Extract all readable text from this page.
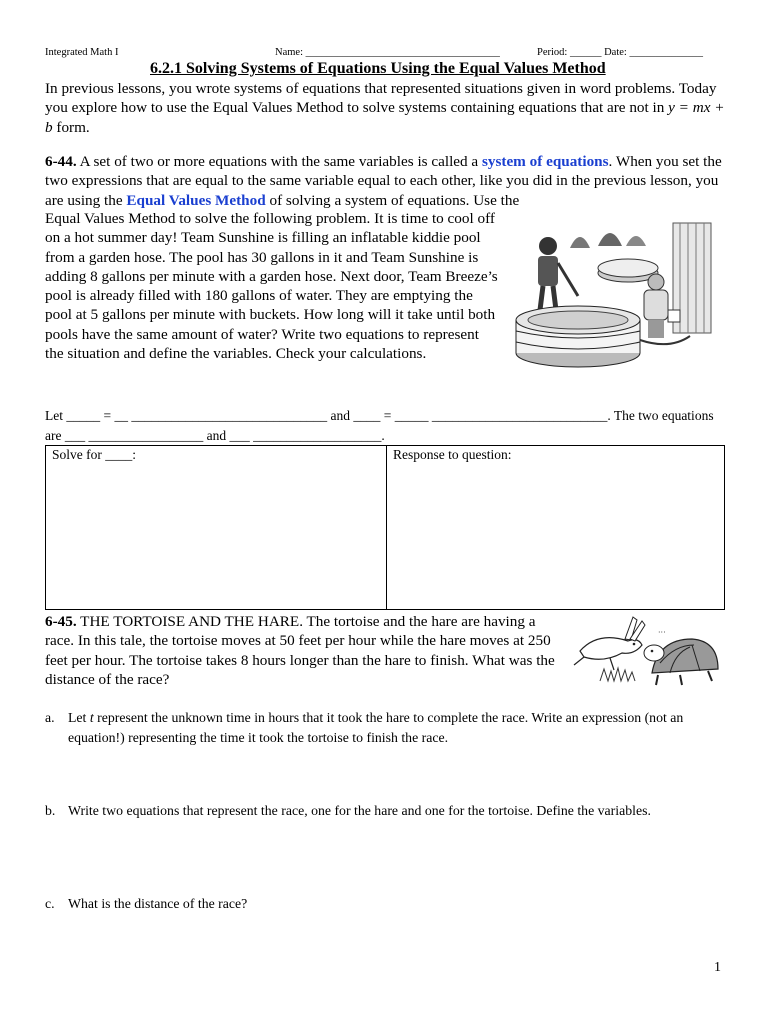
Integrated Math I	Name: _____________________________________	Period: ______ Date: ______________
6.2.1 Solving Systems of Equations Using the Equal Values Method
In previous lessons, you wrote systems of equations that represented situations given in word problems. Today you explore how to use the Equal Values Method to solve systems containing equations that are not in y = mx + b form.
6-44. A set of two or more equations with the same variables is called a system of equations. When you set the two expressions that are equal to the same variable equal to each other, like you did in the previous lesson, you are using the Equal Values Method of solving a system of equations. Use the
Equal Values Method to solve the following problem. It is time to cool off on a hot summer day! Team Sunshine is filling an inflatable kiddie pool from a garden hose. The pool has 30 gallons in it and Team Sunshine is adding 8 gallons per minute with a garden hose. Next door, Team Breeze’s pool is already filled with 180 gallons of water. They are emptying the pool at 5 gallons per minute with buckets. How long will it take until both pools have the same amount of water? Write two equations to represent the situation and define the variables. Check your calculations.
Let _____ = __ _____________________________ and ____ = _____ __________________________. The two equations are ___ _________________ and ___ ___________________.
Solve for ____:	Response to question:
6-45. THE TORTOISE AND THE HARE. The tortoise and the hare are having a race. In this tale, the tortoise moves at 50 feet per hour while the hare moves at 250 feet per hour. The tortoise takes 8 hours longer than the hare to finish. What was the distance of the race?
···
a. Let t represent the unknown time in hours that it took the hare to complete the race. Write an expression (not an equation!) representing the time it took the tortoise to finish the race.
b. Write two equations that represent the race, one for the hare and one for the tortoise. Define the variables.
c. What is the distance of the race?
1
